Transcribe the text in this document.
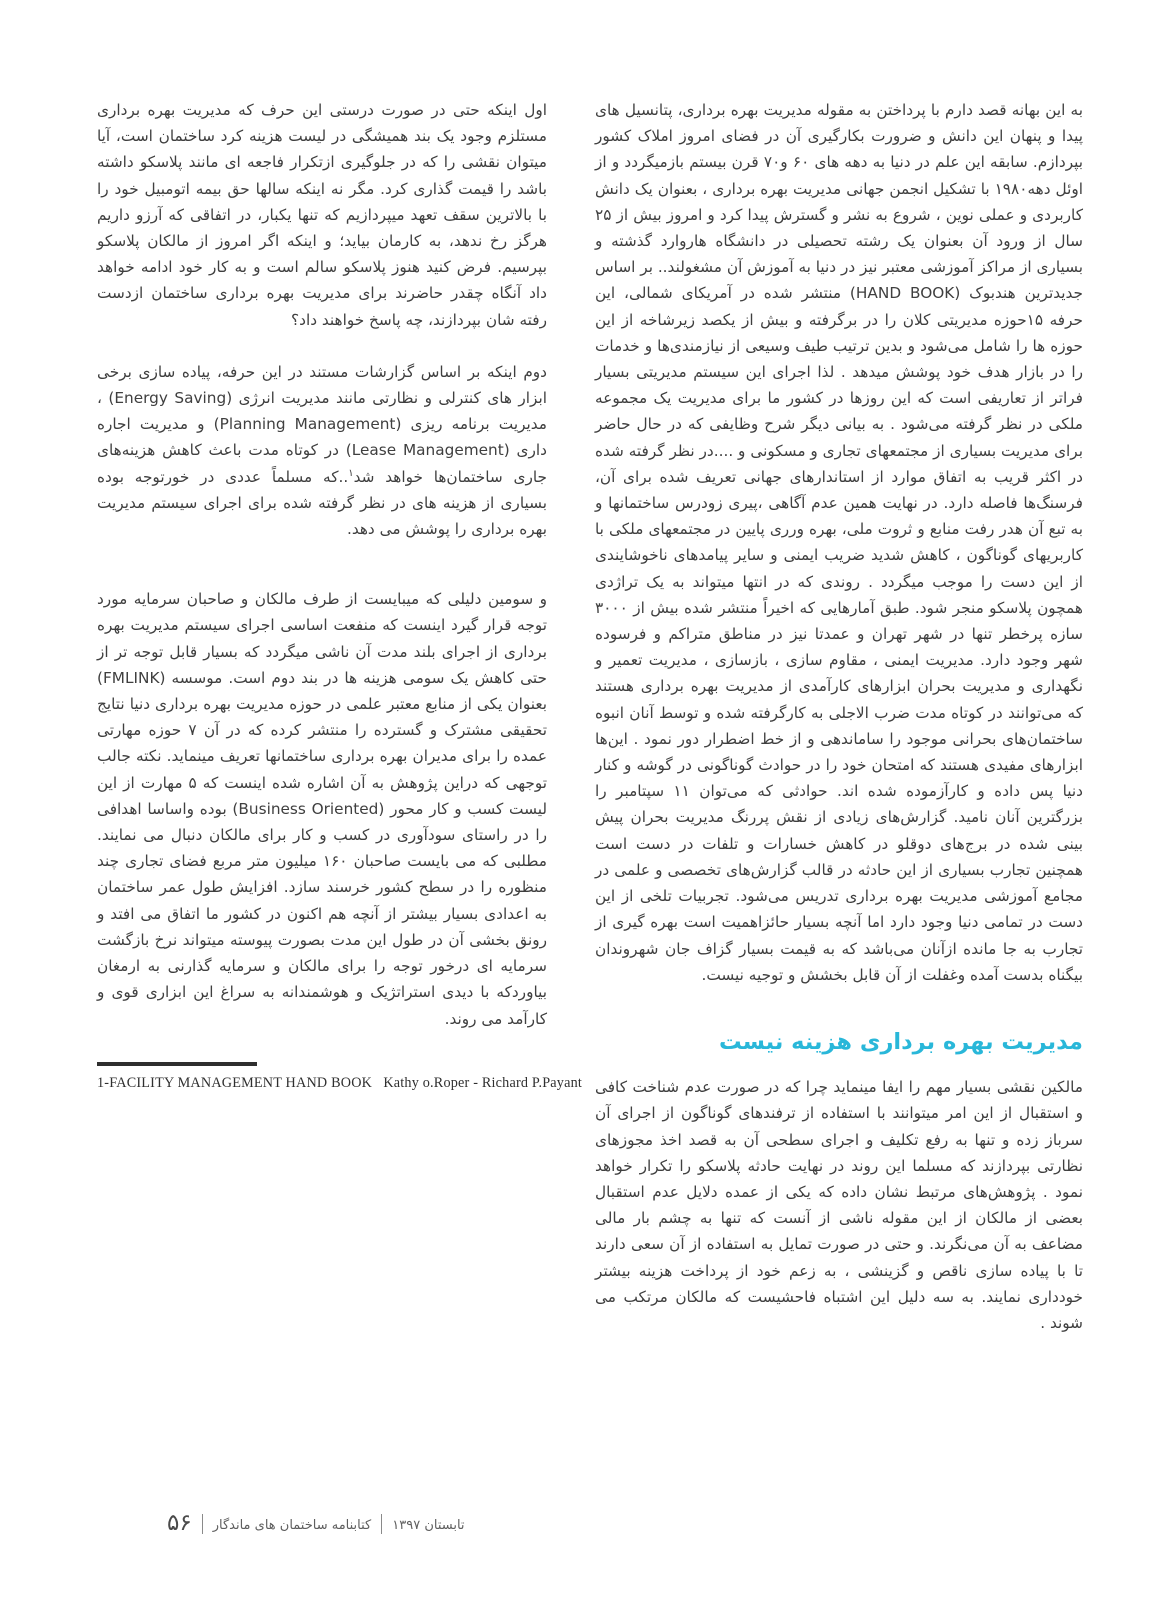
به این بهانه قصد دارم با پرداختن به مقوله مدیریت بهره برداری، پتانسیل های پیدا و پنهان این دانش و ضرورت بکارگیری آن در فضای امروز املاک کشور بپردازم. سابقه این علم در دنیا به دهه های ۶۰ و۷۰ قرن بیستم بازمیگردد و از اوئل دهه۱۹۸۰ با تشکیل انجمن جهانی مدیریت بهره برداری ، بعنوان یک دانش کاربردی و عملی نوین ، شروع به نشر و گسترش پیدا کرد و امروز بیش از ۲۵ سال از ورود آن بعنوان یک رشته تحصیلی در دانشگاه هاروارد گذشته و بسیاری از مراکز آموزشی معتبر نیز در دنیا به آموزش آن مشغولند.. بر اساس جدیدترین هندبوک (HAND BOOK) منتشر شده در آمریکای شمالی، این حرفه ۱۵حوزه مدیریتی کلان را در برگرفته و بیش از یکصد زیرشاخه از این حوزه ها را شامل می‌شود و بدین ترتیب طیف وسیعی از نیازمندی‌ها و خدمات را در بازار هدف خود پوشش میدهد . لذا اجرای این سیستم مدیریتی بسیار فراتر از تعاریفی است که این روزها در کشور ما برای مدیریت یک مجموعه ملکی در نظر گرفته می‌شود . به بیانی دیگر شرح وظایفی که در حال حاضر برای مدیریت بسیاری از مجتمعهای تجاری و مسکونی و ....در نظر گرفته شده در اکثر قریب به اتفاق موارد از استاندارهای جهانی تعریف شده برای آن، فرسنگ‌ها فاصله دارد. در نهایت همین عدم آگاهی ،پیری زودرس ساختمانها و به تبع آن هدر رفت منابع و ثروت ملی، بهره ورری پایین در مجتمعهای ملکی با کاربریهای گوناگون ، کاهش شدید ضریب ایمنی و سایر پیامدهای ناخوشایندی از این دست را موجب میگردد . روندی که در انتها میتواند به یک تراژدی همچون پلاسکو منجر شود. طبق آمارهایی که اخیراً منتشر شده بیش از ۳۰۰۰ سازه پرخطر تنها در شهر تهران و عمدتا نیز در مناطق متراکم و فرسوده شهر وجود دارد. مدیریت ایمنی ، مقاوم سازی ، بازسازی ، مدیریت تعمیر و نگهداری و مدیریت بحران ابزارهای کارآمدی از مدیریت بهره برداری هستند که می‌توانند در کوتاه مدت ضرب الاجلی به کارگرفته شده و توسط آنان انبوه ساختمان‌های بحرانی موجود را ساماندهی و از خط اضطرار دور نمود . این‌ها ابزارهای مفیدی هستند که امتحان خود را در حوادث گوناگونی در گوشه و کنار دنیا پس داده و کارآزموده شده اند. حوادثی که می‌توان ۱۱ سپتامبر را بزرگترین آنان نامید. گزارش‌های زیادی از نقش پررنگ مدیریت بحران پیش بینی شده در برج‌های دوقلو در کاهش خسارات و تلفات در دست است همچنین تجارب بسیاری از این حادثه در قالب گزارش‌های تخصصی و علمی در مجامع آموزشی مدیریت بهره برداری تدریس می‌شود. تجربیات تلخی از این دست در تمامی دنیا وجود دارد اما آنچه بسیار حائزاهمیت است بهره گیری از تجارب به جا مانده ازآنان می‌باشد که به قیمت بسیار گزاف جان شهروندان بیگناه بدست آمده وغفلت از آن قابل بخشش و توجیه نیست.

مدیریت بهره برداری هزینه نیست

مالکین نقشی بسیار مهم را ایفا مینماید چرا که در صورت عدم شناخت کافی و استقبال از این امر میتوانند با استفاده از ترفندهای گوناگون از اجرای آن سرباز زده و تنها به رفع تکلیف و اجرای سطحی آن به قصد اخذ مجوزهای نظارتی بپردازند که مسلما این روند در نهایت حادثه پلاسکو را تکرار خواهد نمود . پژوهش‌های مرتبط نشان داده که یکی از عمده دلایل عدم استقبال بعضی از مالکان از این مقوله ناشی از آنست که تنها به چشم بار مالی مضاعف به آن می‌نگرند. و حتی در صورت تمایل به استفاده از آن سعی دارند تا با پیاده سازی ناقص و گزینشی ، به زعم خود از پرداخت هزینه بیشتر خودداری نمایند. به سه دلیل این اشتباه فاحشیست که مالکان مرتکب می شوند .

اول اینکه حتی در صورت درستی این حرف که مدیریت بهره برداری مستلزم وجود یک بند همیشگی در لیست هزینه کرد ساختمان است، آیا میتوان نقشی را که در جلوگیری ازتکرار فاجعه ای مانند پلاسکو داشته باشد را قیمت گذاری کرد. مگر نه اینکه سالها حق بیمه اتومبیل خود را با بالاترین سقف تعهد میپردازیم که تنها یکبار، در اتفاقی که آرزو داریم هرگز رخ ندهد، به کارمان بیاید؛ و اینکه اگر امروز از مالکان پلاسکو بپرسیم. فرض کنید هنوز پلاسکو سالم است و به کار خود ادامه خواهد داد آنگاه چقدر حاضرند برای مدیریت بهره برداری ساختمان ازدست رفته شان بپردازند، چه پاسخ خواهند داد؟

دوم اینکه بر اساس گزارشات مستند در این حرفه، پیاده سازی برخی ابزار های کنترلی و نظارتی مانند مدیریت انرژی (Energy Saving) ، مدیریت برنامه ریزی (Planning Management) و مدیریت اجاره داری (Lease Management) در کوتاه مدت باعث کاهش هزینه‌های جاری ساختمان‌ها خواهد شد$^۱$..که مسلماً عددی در خورتوجه بوده بسیاری از هزینه های در نظر گرفته شده برای اجرای سیستم مدیریت بهره برداری را پوشش می دهد.

و سومین دلیلی که میبایست از طرف مالکان و صاحبان سرمایه مورد توجه قرار گیرد اینست که منفعت اساسی اجرای سیستم مدیریت بهره برداری از اجرای بلند مدت آن ناشی میگردد که بسیار قابل توجه تر از حتی کاهش یک سومی هزینه ها در بند دوم است. موسسه (FMLINK) بعنوان یکی از منابع معتبر علمی در حوزه مدیریت بهره برداری دنیا نتایج تحقیقی مشترک و گسترده را منتشر کرده که در آن ۷ حوزه مهارتی عمده را برای مدیران بهره برداری ساختمانها تعریف مینماید. نکته جالب توجهی که دراین پژوهش به آن اشاره شده اینست که ۵ مهارت از این لیست کسب و کار محور (Business Oriented) بوده واساسا اهدافی را در راستای سودآوری در کسب و کار برای مالکان دنبال می نمایند. مطلبی که می بایست صاحبان ۱۶۰ میلیون متر مربع فضای تجاری چند منظوره را در سطح کشور خرسند سازد. افزایش طول عمر ساختمان به اعدادی بسیار بیشتر از آنچه هم اکنون در کشور ما اتفاق می افتد و رونق بخشی آن در طول این مدت بصورت پیوسته میتواند نرخ بازگشت سرمایه ای درخور توجه را برای مالکان و سرمایه گذارنی به ارمغان بیاوردکه با دیدی استراتژیک و هوشمندانه به سراغ این ابزاری قوی و کارآمد می روند.

1-FACILITY MANAGEMENT HAND BOOK   Kathy o.Roper - Richard P.Payant
تابستان ۱۳۹۷
کتابنامه ساختمان های ماندگار
۵۶
